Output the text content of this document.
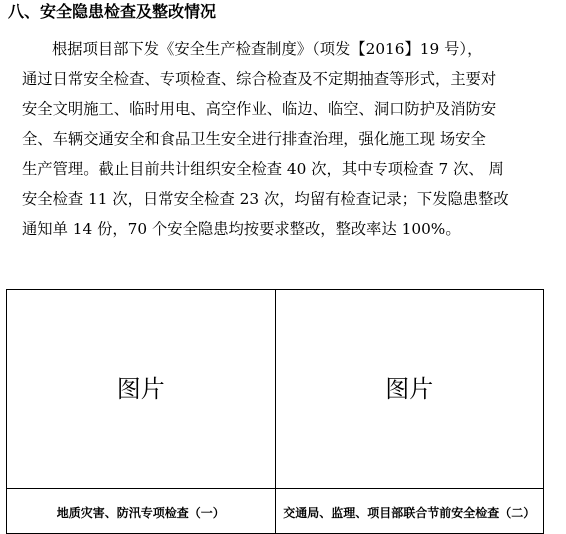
八、安全隐患检查及整改情况
根据项目部下发《安全生产检查制度》（项发【2016】19 号），
通过日常安全检查、专项检查、综合检查及不定期抽查等形式，主要对
安全文明施工、临时用电、高空作业、临边、临空、洞口防护及消防安
全、车辆交通安全和食品卫生安全进行排查治理，强化施工现 场安全
生产管理。截止目前共计组织安全检查 40 次，其中专项检查 7 次、 周
安全检查 11 次，日常安全检查 23 次，均留有检查记录；下发隐患整改
通知单 14 份，70 个安全隐患均按要求整改，整改率达 100%。
图片	图片
地质灾害、防汛专项检查（一）	交通局、监理、项目部联合节前安全检查（二）
